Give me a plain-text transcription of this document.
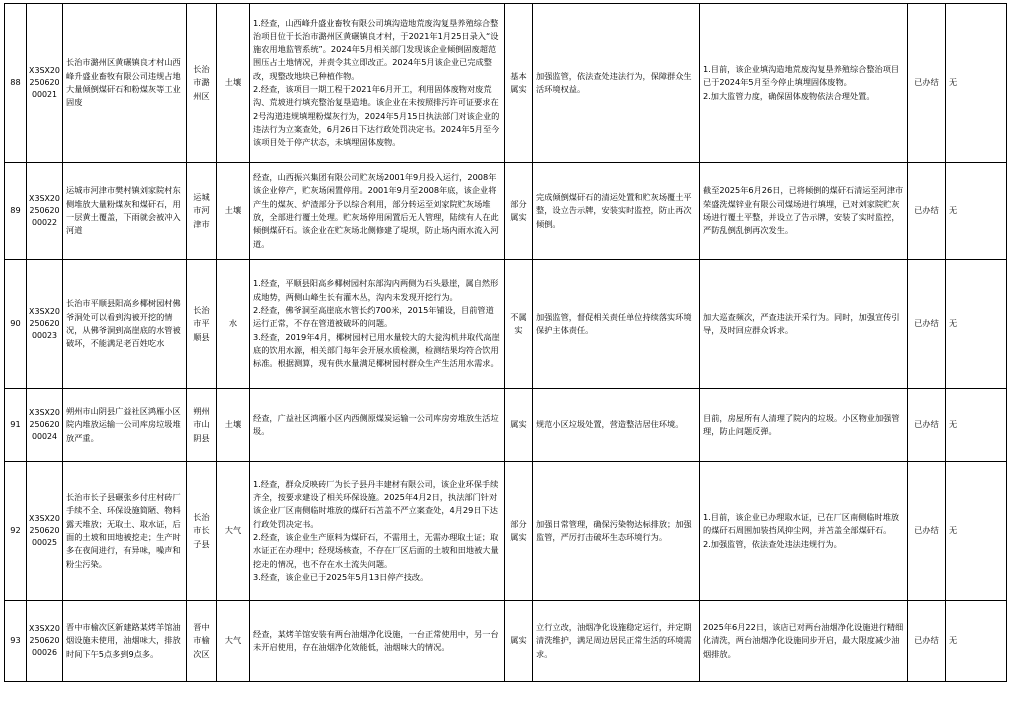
88	X3SX2025062000021	长治市潞州区黄碾镇良才村山西峰升盛业畜牧有限公司违规占地大量倾倒煤矸石和粉煤灰等工业固废	长治市潞州区	土壤	1.经查，山西峰升盛业畜牧有限公司填沟造地荒废沟复垦养殖综合整治项目位于长治市潞州区黄碾镇良才村，于2021年1月25日录入“设施农用地监管系统”。2024年5月相关部门发现该企业倾倒固废超范围压占土地情况，并责令其立即改正。2024年5月该企业已完成整改，现整改地块已种植作物。
2.经查，该项目一期工程于2021年6月开工，利用固体废物对废荒沟、荒坡进行填充整治复垦造地。该企业在未按照排污许可证要求在2号沟道违规填埋粉煤灰行为，2024年5月15日执法部门对该企业的违法行为立案查处，6月26日下达行政处罚决定书。2024年5月至今该项目处于停产状态，未填埋固体废物。	基本属实	加强监管，依法查处违法行为，保障群众生活环境权益。	1.目前，该企业填沟造地荒废沟复垦养殖综合整治项目已于2024年5月至今停止填埋固体废物。
2.加大监管力度，确保固体废物依法合理处置。	已办结	无
89	X3SX2025062000022	运城市河津市樊村镇刘家院村东侧堆放大量粉煤灰和煤矸石，用一层黄土覆盖，下雨就会被冲入河道	运城市河津市	土壤	经查，山西振兴集团有限公司贮灰场2001年9月投入运行，2008年该企业停产，贮灰场闲置停用。2001年9月至2008年底，该企业将产生的煤灰、炉渣部分予以综合利用，部分转运至刘家院贮灰场堆放，全部进行覆土处理。贮灰场停用闲置后无人管理，陆续有人在此倾倒煤矸石。该企业在贮灰场北侧修建了堤坝，防止场内雨水流入河道。	部分属实	完成倾倒煤矸石的清运处置和贮灰场覆土平整，设立告示牌，安装实时监控，防止再次倾倒。	截至2025年6月26日，已将倾倒的煤矸石清运至河津市荣盛洗煤锌业有限公司煤场进行填埋，已对刘家院贮灰场进行覆土平整，并设立了告示牌，安装了实时监控，严防乱倒乱倒再次发生。	已办结	无
90	X3SX2025062000023	长治市平顺县阳高乡椰树园村佛爷洞处可以看到沟被开挖的情况，从佛爷洞到高崖底的水管被破坏，不能满足老百姓吃水	长治市平顺县	水	1.经查，平顺县阳高乡椰树园村东部沟内两侧为石头悬崖，属自然形成地势，两侧山峰生长有灌木丛，沟内未发现开挖行为。
2.经查，佛爷洞至高崖底水管长约700米，2015年铺设，目前管道运行正常，不存在管道被破坏的问题。
3.经查，2019年4月，椰树园村已用水量较大的大瓮沟机井取代高崖底的饮用水源，相关部门每年会开展水质检测，检测结果均符合饮用标准。根据测算，现有供水量满足椰树园村群众生产生活用水需求。	不属实	加强监管，督促相关责任单位持续落实环境保护主体责任。	加大巡查频次，严查违法开采行为。同时，加强宣传引导，及时回应群众诉求。	已办结	无
91	X3SX2025062000024	朔州市山阴县广益社区鸿雁小区院内堆放运输一公司库房垃圾堆放严重。	朔州市山阴县	土壤	经查，广益社区鸿雁小区内西侧原煤炭运输一公司库房旁堆放生活垃圾。	属实	规范小区垃圾处置，营造整洁居住环境。	目前，房屋所有人清理了院内的垃圾。小区物业加强管理，防止问题反弹。	已办结	无
92	X3SX2025062000025	长治市长子县碾张乡付庄村砖厂手续不全、环保设施简陋、物料露天堆放；无取土、取水证，后面的土坡和田地被挖走；生产时多在夜间进行，有异味，噪声和粉尘污染。	长治市长子县	大气	1.经查，群众反映砖厂为长子县丹丰建材有限公司，该企业环保手续齐全，按要求建设了相关环保设施。2025年4月2日，执法部门针对该企业厂区南侧临时堆放的煤矸石苫盖不严立案查处，4月29日下达行政处罚决定书。
2.经查，该企业生产原料为煤矸石，不需用土，无需办理取土证；取水证正在办理中；经现场核查，不存在厂区后面的土坡和田地被大量挖走的情况，也不存在水土流失问题。
3.经查，该企业已于2025年5月13日停产技改。	部分属实	加强日常管理，确保污染物达标排放；加强监管，严厉打击破坏生态环境行为。	1.目前，该企业已办理取水证，已在厂区南侧临时堆放的煤矸石周围加装挡风抑尘网，并苫盖全部煤矸石。
2.加强监管，依法查处违法违规行为。	已办结	无
93	X3SX2025062000026	晋中市榆次区新建路某烤羊馆油烟设施未使用，油烟味大，排放时间下午5点多到9点多。	晋中市榆次区	大气	经查，某烤羊馆安装有两台油烟净化设施，一台正常使用中，另一台未开启使用，存在油烟净化效能低，油烟味大的情况。	属实	立行立改，油烟净化设施稳定运行，并定期清洗维护，满足周边居民正常生活的环境需求。	2025年6月22日，该店已对两台油烟净化设施进行精细化清洗，两台油烟净化设施同步开启，最大限度减少油烟排放。	已办结	无
